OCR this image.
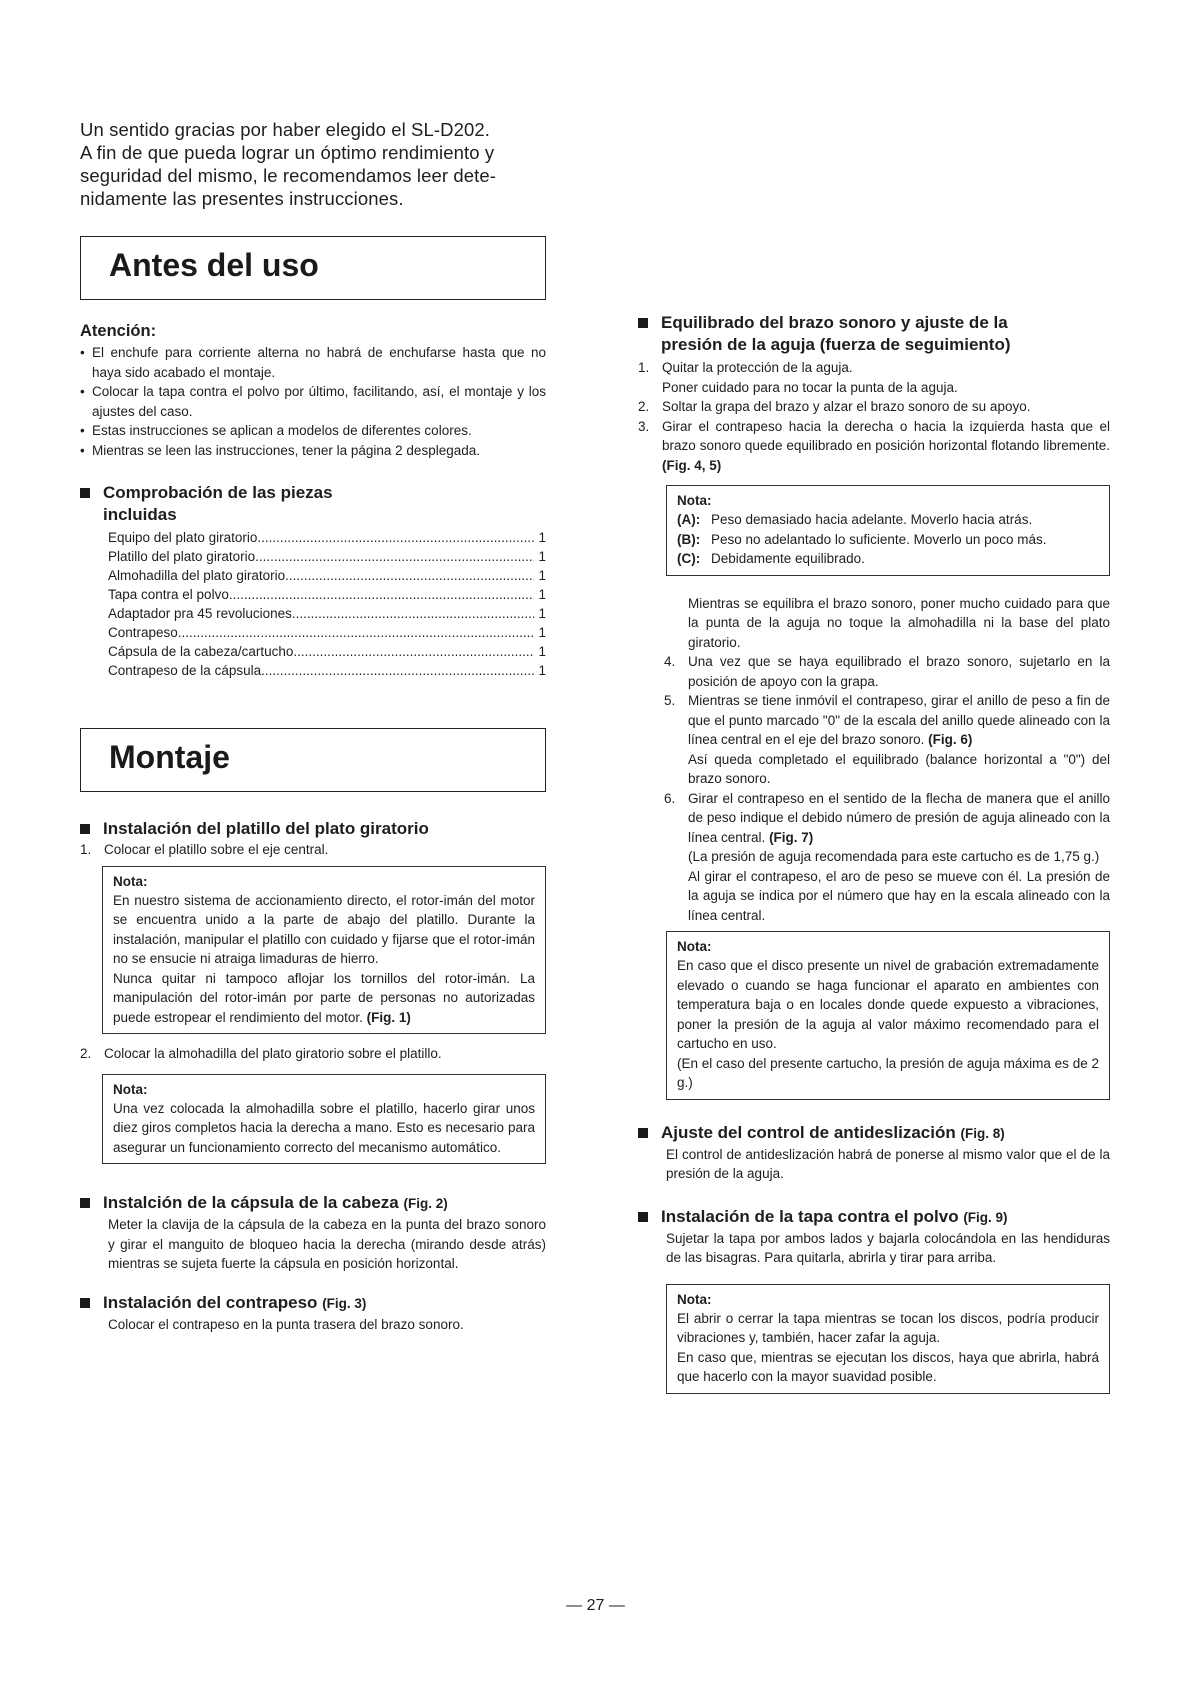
Un sentido gracias por haber elegido el SL-D202.
A fin de que pueda lograr un óptimo rendimiento y
seguridad del mismo, le recomendamos leer dete-
nidamente las presentes instrucciones.
Antes del uso
Atención:
• El enchufe para corriente alterna no habrá de enchufarse hasta que no haya sido acabado el montaje.
• Colocar la tapa contra el polvo por último, facilitando, así, el montaje y los ajustes del caso.
• Estas instrucciones se aplican a modelos de diferentes colores.
• Mientras se leen las instrucciones, tener la página 2 desplegada.
Comprobación de las piezas
incluidas
Equipo del plato giratorio .....	1
Platillo del plato giratorio .....	1
Almohadilla del plato giratorio .....	1
Tapa contra el polvo .....	1
Adaptador pra 45 revoluciones .....	1
Contrapeso .....	1
Cápsula de la cabeza/cartucho .....	1
Contrapeso de la cápsula .....	1
Montaje
Instalación del platillo del plato giratorio
1. Colocar el platillo sobre el eje central.
Nota:
En nuestro sistema de accionamiento directo, el rotor-imán del motor se encuentra unido a la parte de abajo del platillo. Durante la instalación, manipular el platillo con cuidado y fijarse que el rotor-imán no se ensucie ni atraiga limaduras de hierro.
Nunca quitar ni tampoco aflojar los tornillos del rotor-imán. La manipulación del rotor-imán por parte de personas no autorizadas puede estropear el rendimiento del motor. (Fig. 1)
2. Colocar la almohadilla del plato giratorio sobre el platillo.
Nota:
Una vez colocada la almohadilla sobre el platillo, hacerlo girar unos diez giros completos hacia la derecha a mano. Esto es necesario para asegurar un funcionamiento correcto del mecanismo automático.
Instalción de la cápsula de la cabeza (Fig. 2)
Meter la clavija de la cápsula de la cabeza en la punta del brazo sonoro y girar el manguito de bloqueo hacia la derecha (mirando desde atrás) mientras se sujeta fuerte la cápsula en posición horizontal.
Instalación del contrapeso (Fig. 3)
Colocar el contrapeso en la punta trasera del brazo sonoro.
Equilibrado del brazo sonoro y ajuste de la
presión de la aguja (fuerza de seguimiento)
1. Quitar la protección de la aguja.
Poner cuidado para no tocar la punta de la aguja.
2. Soltar la grapa del brazo y alzar el brazo sonoro de su apoyo.
3. Girar el contrapeso hacia la derecha o hacia la izquierda hasta que el brazo sonoro quede equilibrado en posición horizontal flotando libremente. (Fig. 4, 5)
Nota:
(A): Peso demasiado hacia adelante. Moverlo hacia atrás.
(B): Peso no adelantado lo suficiente. Moverlo un poco más.
(C): Debidamente equilibrado.
Mientras se equilibra el brazo sonoro, poner mucho cuidado para que la punta de la aguja no toque la almohadilla ni la base del plato giratorio.
4. Una vez que se haya equilibrado el brazo sonoro, sujetarlo en la posición de apoyo con la grapa.
5. Mientras se tiene inmóvil el contrapeso, girar el anillo de peso a fin de que el punto marcado "0" de la escala del anillo quede alineado con la línea central en el eje del brazo sonoro. (Fig. 6)
Así queda completado el equilibrado (balance horizontal a "0") del brazo sonoro.
6. Girar el contrapeso en el sentido de la flecha de manera que el anillo de peso indique el debido número de presión de aguja alineado con la línea central. (Fig. 7)
(La presión de aguja recomendada para este cartucho es de 1,75 g.)
Al girar el contrapeso, el aro de peso se mueve con él. La presión de la aguja se indica por el número que hay en la escala alineado con la línea central.
Nota:
En caso que el disco presente un nivel de grabación extremadamente elevado o cuando se haga funcionar el aparato en ambientes con temperatura baja o en locales donde quede expuesto a vibraciones, poner la presión de la aguja al valor máximo recomendado para el cartucho en uso.
(En el caso del presente cartucho, la presión de aguja máxima es de 2 g.)
Ajuste del control de antideslización (Fig. 8)
El control de antideslización habrá de ponerse al mismo valor que el de la presión de la aguja.
Instalación de la tapa contra el polvo (Fig. 9)
Sujetar la tapa por ambos lados y bajarla colocándola en las hendiduras de las bisagras. Para quitarla, abrirla y tirar para arriba.
Nota:
El abrir o cerrar la tapa mientras se tocan los discos, podría producir vibraciones y, también, hacer zafar la aguja.
En caso que, mientras se ejecutan los discos, haya que abrirla, habrá que hacerlo con la mayor suavidad posible.
— 27 —
